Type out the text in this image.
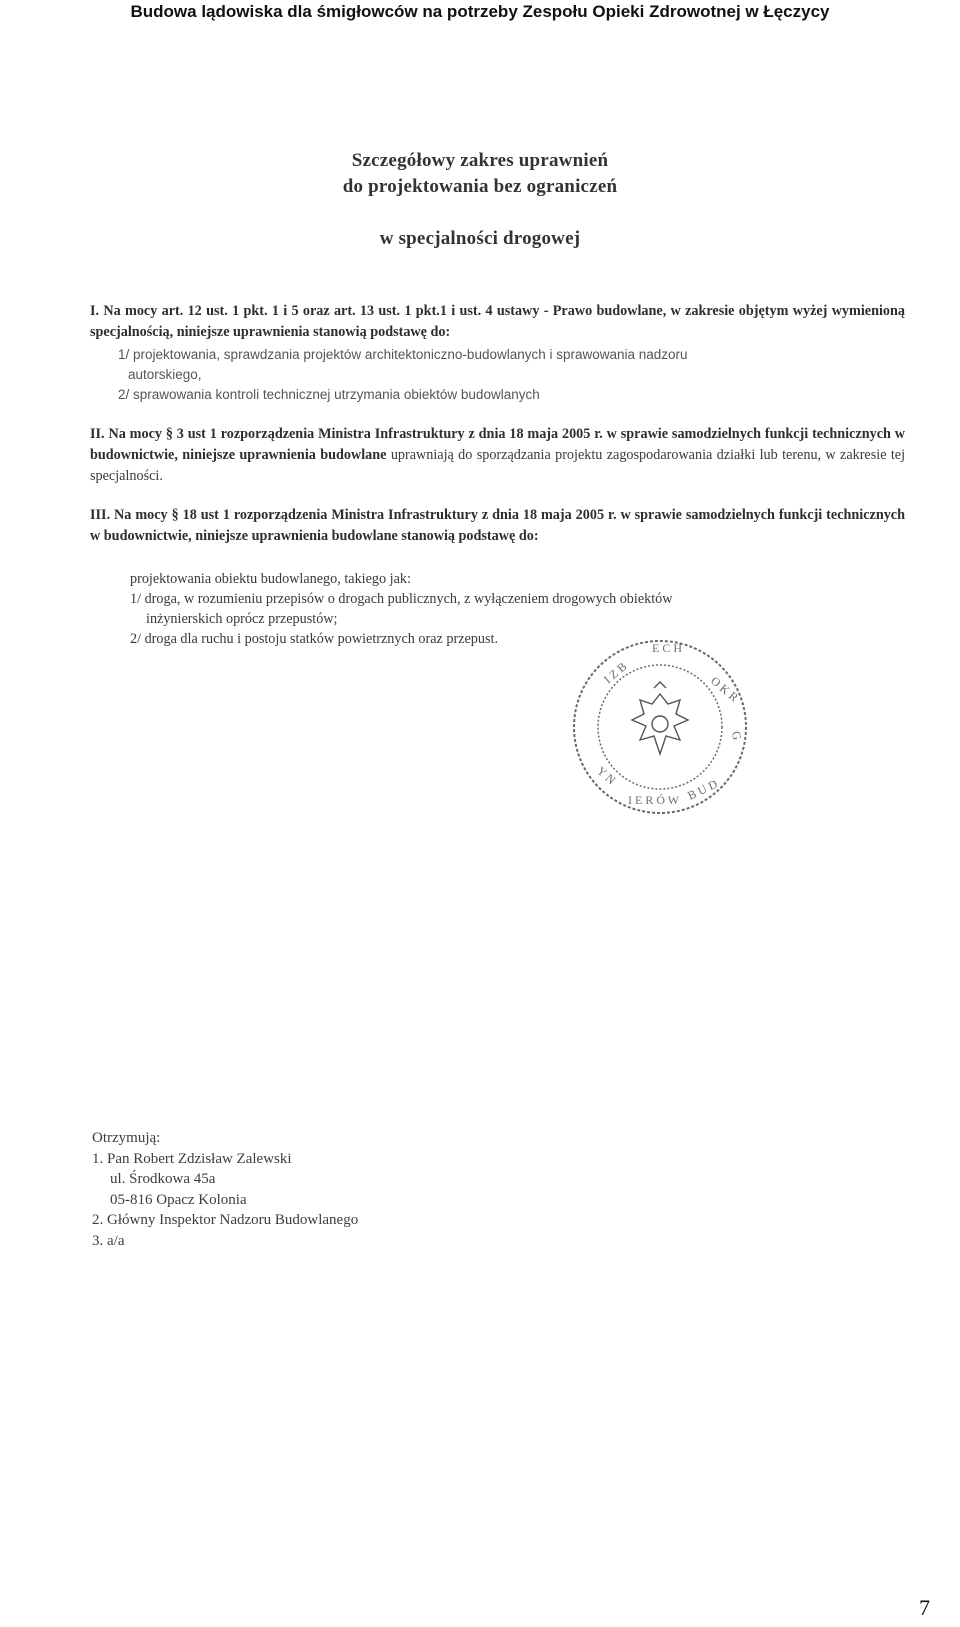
Budowa lądowiska dla śmigłowców na potrzeby Zespołu Opieki Zdrowotnej w Łęczycy
Szczegółowy zakres uprawnień
do projektowania bez ograniczeń
w specjalności drogowej
I. Na mocy art. 12 ust. 1 pkt. 1 i 5 oraz art. 13 ust. 1 pkt.1 i ust. 4 ustawy - Prawo budowlane, w zakresie objętym wyżej wymienioną specjalnością, niniejsze uprawnienia stanowią podstawę do:
1/ projektowania, sprawdzania projektów architektoniczno-budowlanych i sprawowania nadzoru
autorskiego,
2/ sprawowania kontroli technicznej utrzymania obiektów budowlanych
II. Na mocy § 3 ust 1 rozporządzenia Ministra Infrastruktury z dnia 18 maja 2005 r. w sprawie samodzielnych funkcji technicznych w budownictwie, niniejsze uprawnienia budowlane uprawniają do sporządzania projektu zagospodarowania działki lub terenu, w zakresie tej specjalności.
III. Na mocy § 18 ust 1 rozporządzenia Ministra Infrastruktury z dnia 18 maja 2005 r. w sprawie samodzielnych funkcji technicznych w budownictwie, niniejsze uprawnienia budowlane stanowią podstawę do:
projektowania obiektu budowlanego, takiego jak:
1/ droga, w rozumieniu przepisów o drogach publicznych, z wyłączeniem drogowych obiektów
inżynierskich oprócz przepustów;
2/ droga dla ruchu i postoju statków powietrznych oraz przepust.
I Z B
E C H
O K R
G
Y N
I E R Ó W B U D
Otrzymują:
1. Pan Robert Zdzisław Zalewski
ul. Środkowa 45a
05-816 Opacz Kolonia
2. Główny Inspektor Nadzoru Budowlanego
3. a/a
7
